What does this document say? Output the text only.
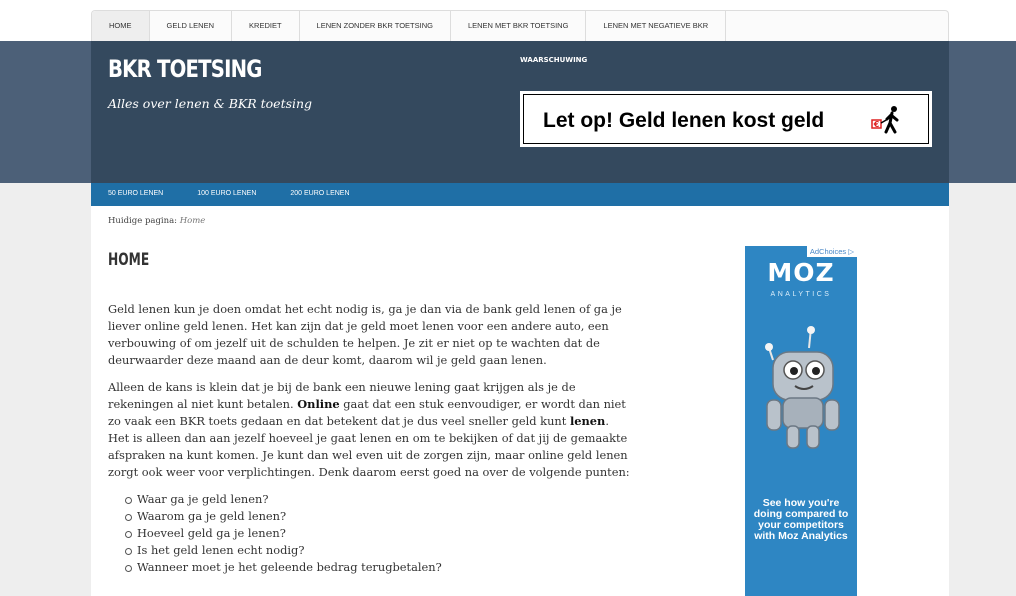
HOME	GELD LENEN	KREDIET	LENEN ZONDER BKR TOETSING	LENEN MET BKR TOETSING	LENEN MET NEGATIEVE BKR
BKR TOETSING
Alles over lenen & BKR toetsing
WAARSCHUWING
Let op! Geld lenen kost geld	€
50 EURO LENEN	100 EURO LENEN	200 EURO LENEN
Huidige pagina: Home
HOME

Geld lenen kun je doen omdat het echt nodig is, ga je dan via de bank geld lenen of ga je liever online geld lenen. Het kan zijn dat je geld moet lenen voor een andere auto, een verbouwing of om jezelf uit de schulden te helpen. Je zit er niet op te wachten dat de deurwaarder deze maand aan de deur komt, daarom wil je geld gaan lenen.

Alleen de kans is klein dat je bij de bank een nieuwe lening gaat krijgen als je de rekeningen al niet kunt betalen. Online gaat dat een stuk eenvoudiger, er wordt dan niet zo vaak een BKR toets gedaan en dat betekent dat je dus veel sneller geld kunt lenen. Het is alleen dan aan jezelf hoeveel je gaat lenen en om te bekijken of dat jij de gemaakte afspraken na kunt komen. Je kunt dan wel even uit de zorgen zijn, maar online geld lenen zorgt ook weer voor verplichtingen. Denk daarom eerst goed na over de volgende punten:

Waar ga je geld lenen?
Waarom ga je geld lenen?
Hoeveel geld ga je lenen?
Is het geld lenen echt nodig?
Wanneer moet je het geleende bedrag terugbetalen?
AdChoices ▷
MOZ
ANALYTICS
See how you're doing compared to your competitors with Moz Analytics
